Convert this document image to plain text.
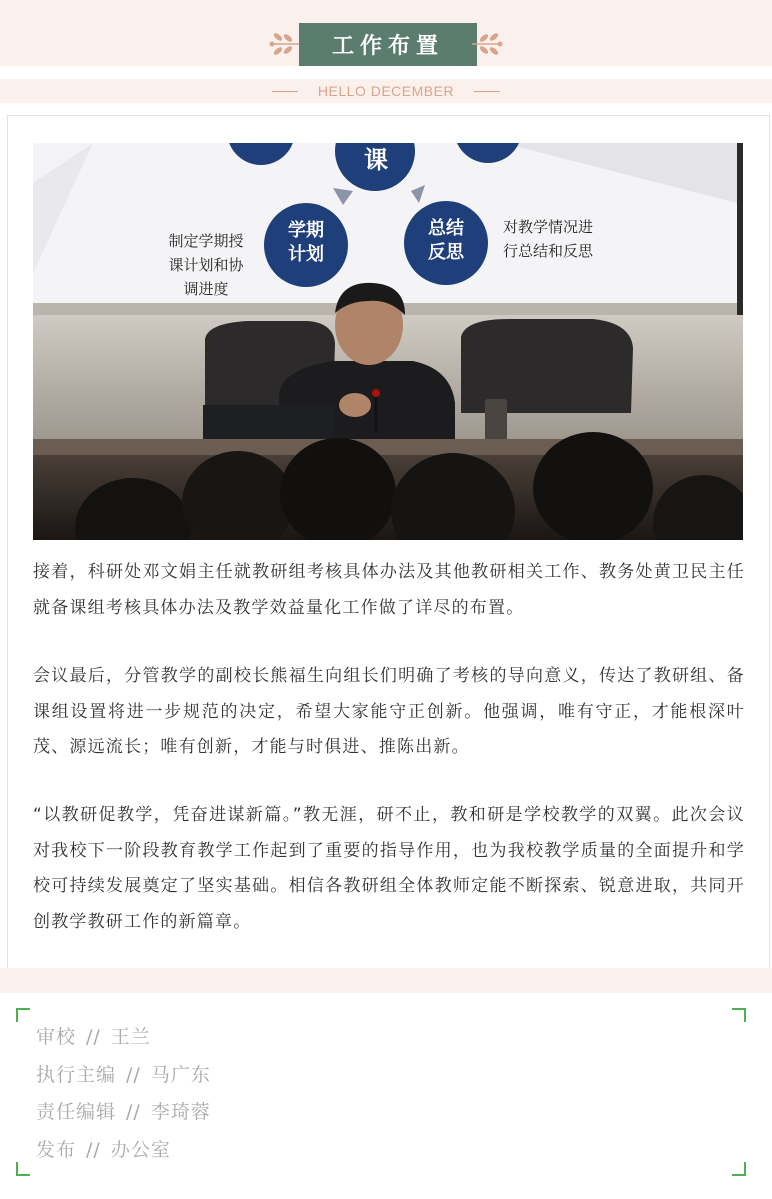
工作布置
HELLO DECEMBER
课
学期
计划
总结
反思
制定学期授
课计划和协
调进度
对教学情况进
行总结和反思

接着，科研处邓文娟主任就教研组考核具体办法及其他教研相关工作、教务处黄卫民主任就备课组考核具体办法及教学效益量化工作做了详尽的布置。

会议最后，分管教学的副校长熊福生向组长们明确了考核的导向意义，传达了教研组、备课组设置将进一步规范的决定，希望大家能守正创新。他强调，唯有守正，才能根深叶茂、源远流长；唯有创新，才能与时俱进、推陈出新。

“以教研促教学，凭奋进谋新篇。”教无涯，研不止，教和研是学校教学的双翼。此次会议对我校下一阶段教育教学工作起到了重要的指导作用，也为我校教学质量的全面提升和学校可持续发展奠定了坚实基础。相信各教研组全体教师定能不断探索、锐意进取，共同开创教学教研工作的新篇章。

审校 // 王兰
执行主编 // 马广东
责任编辑 // 李琦蓉
发布 // 办公室
